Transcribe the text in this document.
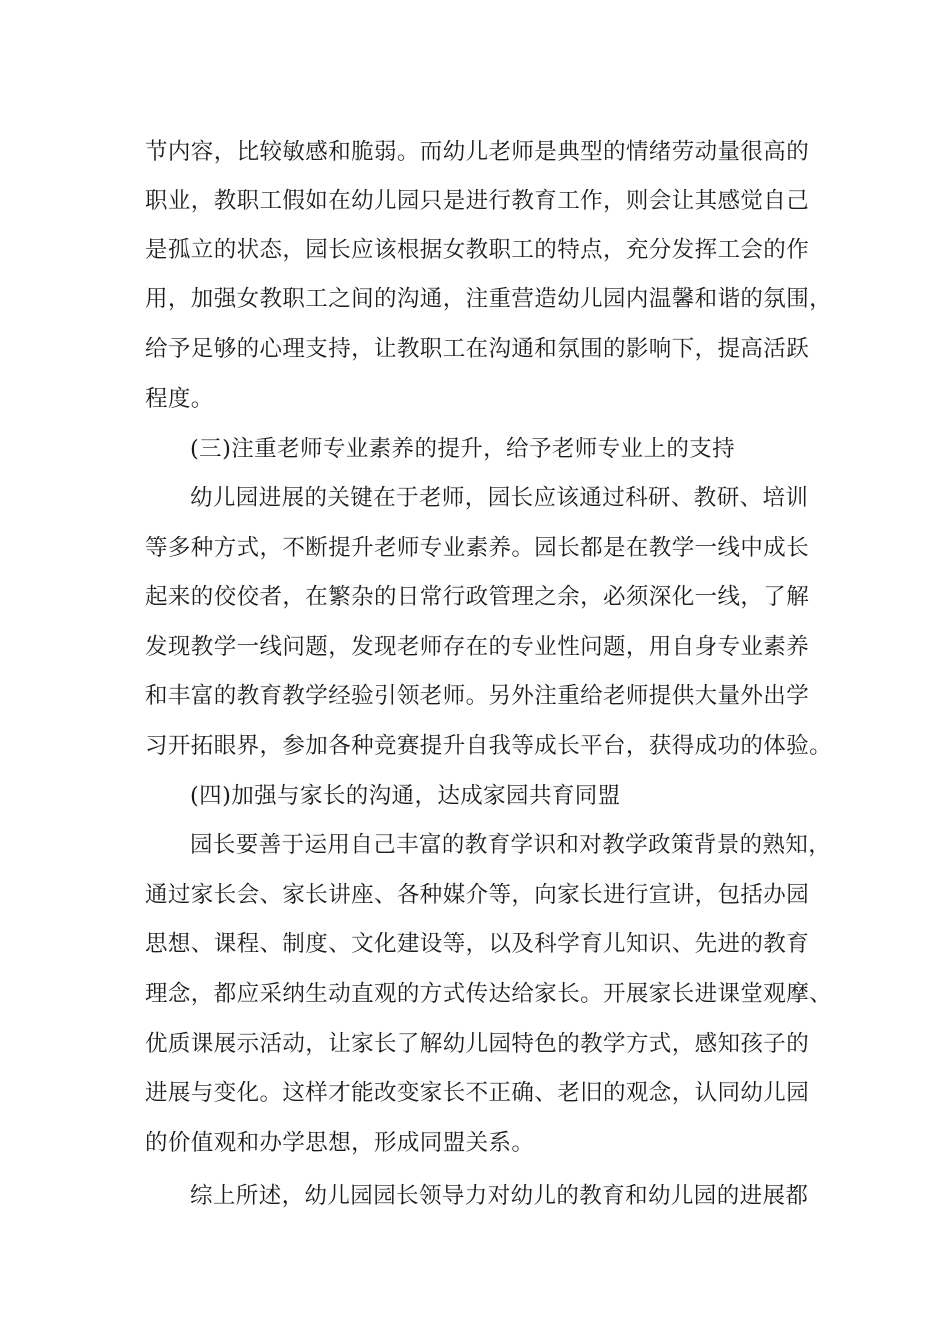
节内容，比较敏感和脆弱。而幼儿老师是典型的情绪劳动量很高的
职业，教职工假如在幼儿园只是进行教育工作，则会让其感觉自己
是孤立的状态，园长应该根据女教职工的特点，充分发挥工会的作
用，加强女教职工之间的沟通，注重营造幼儿园内温馨和谐的氛围，
给予足够的心理支持，让教职工在沟通和氛围的影响下，提高活跃
程度。
(三)注重老师专业素养的提升，给予老师专业上的支持
幼儿园进展的关键在于老师，园长应该通过科研、教研、培训
等多种方式，不断提升老师专业素养。园长都是在教学一线中成长
起来的佼佼者，在繁杂的日常行政管理之余，必须深化一线，了解
发现教学一线问题，发现老师存在的专业性问题，用自身专业素养
和丰富的教育教学经验引领老师。另外注重给老师提供大量外出学
习开拓眼界，参加各种竞赛提升自我等成长平台，获得成功的体验。
(四)加强与家长的沟通，达成家园共育同盟
园长要善于运用自己丰富的教育学识和对教学政策背景的熟知，
通过家长会、家长讲座、各种媒介等，向家长进行宣讲，包括办园
思想、课程、制度、文化建设等，以及科学育儿知识、先进的教育
理念，都应采纳生动直观的方式传达给家长。开展家长进课堂观摩、
优质课展示活动，让家长了解幼儿园特色的教学方式，感知孩子的
进展与变化。这样才能改变家长不正确、老旧的观念，认同幼儿园
的价值观和办学思想，形成同盟关系。
综上所述，幼儿园园长领导力对幼儿的教育和幼儿园的进展都
